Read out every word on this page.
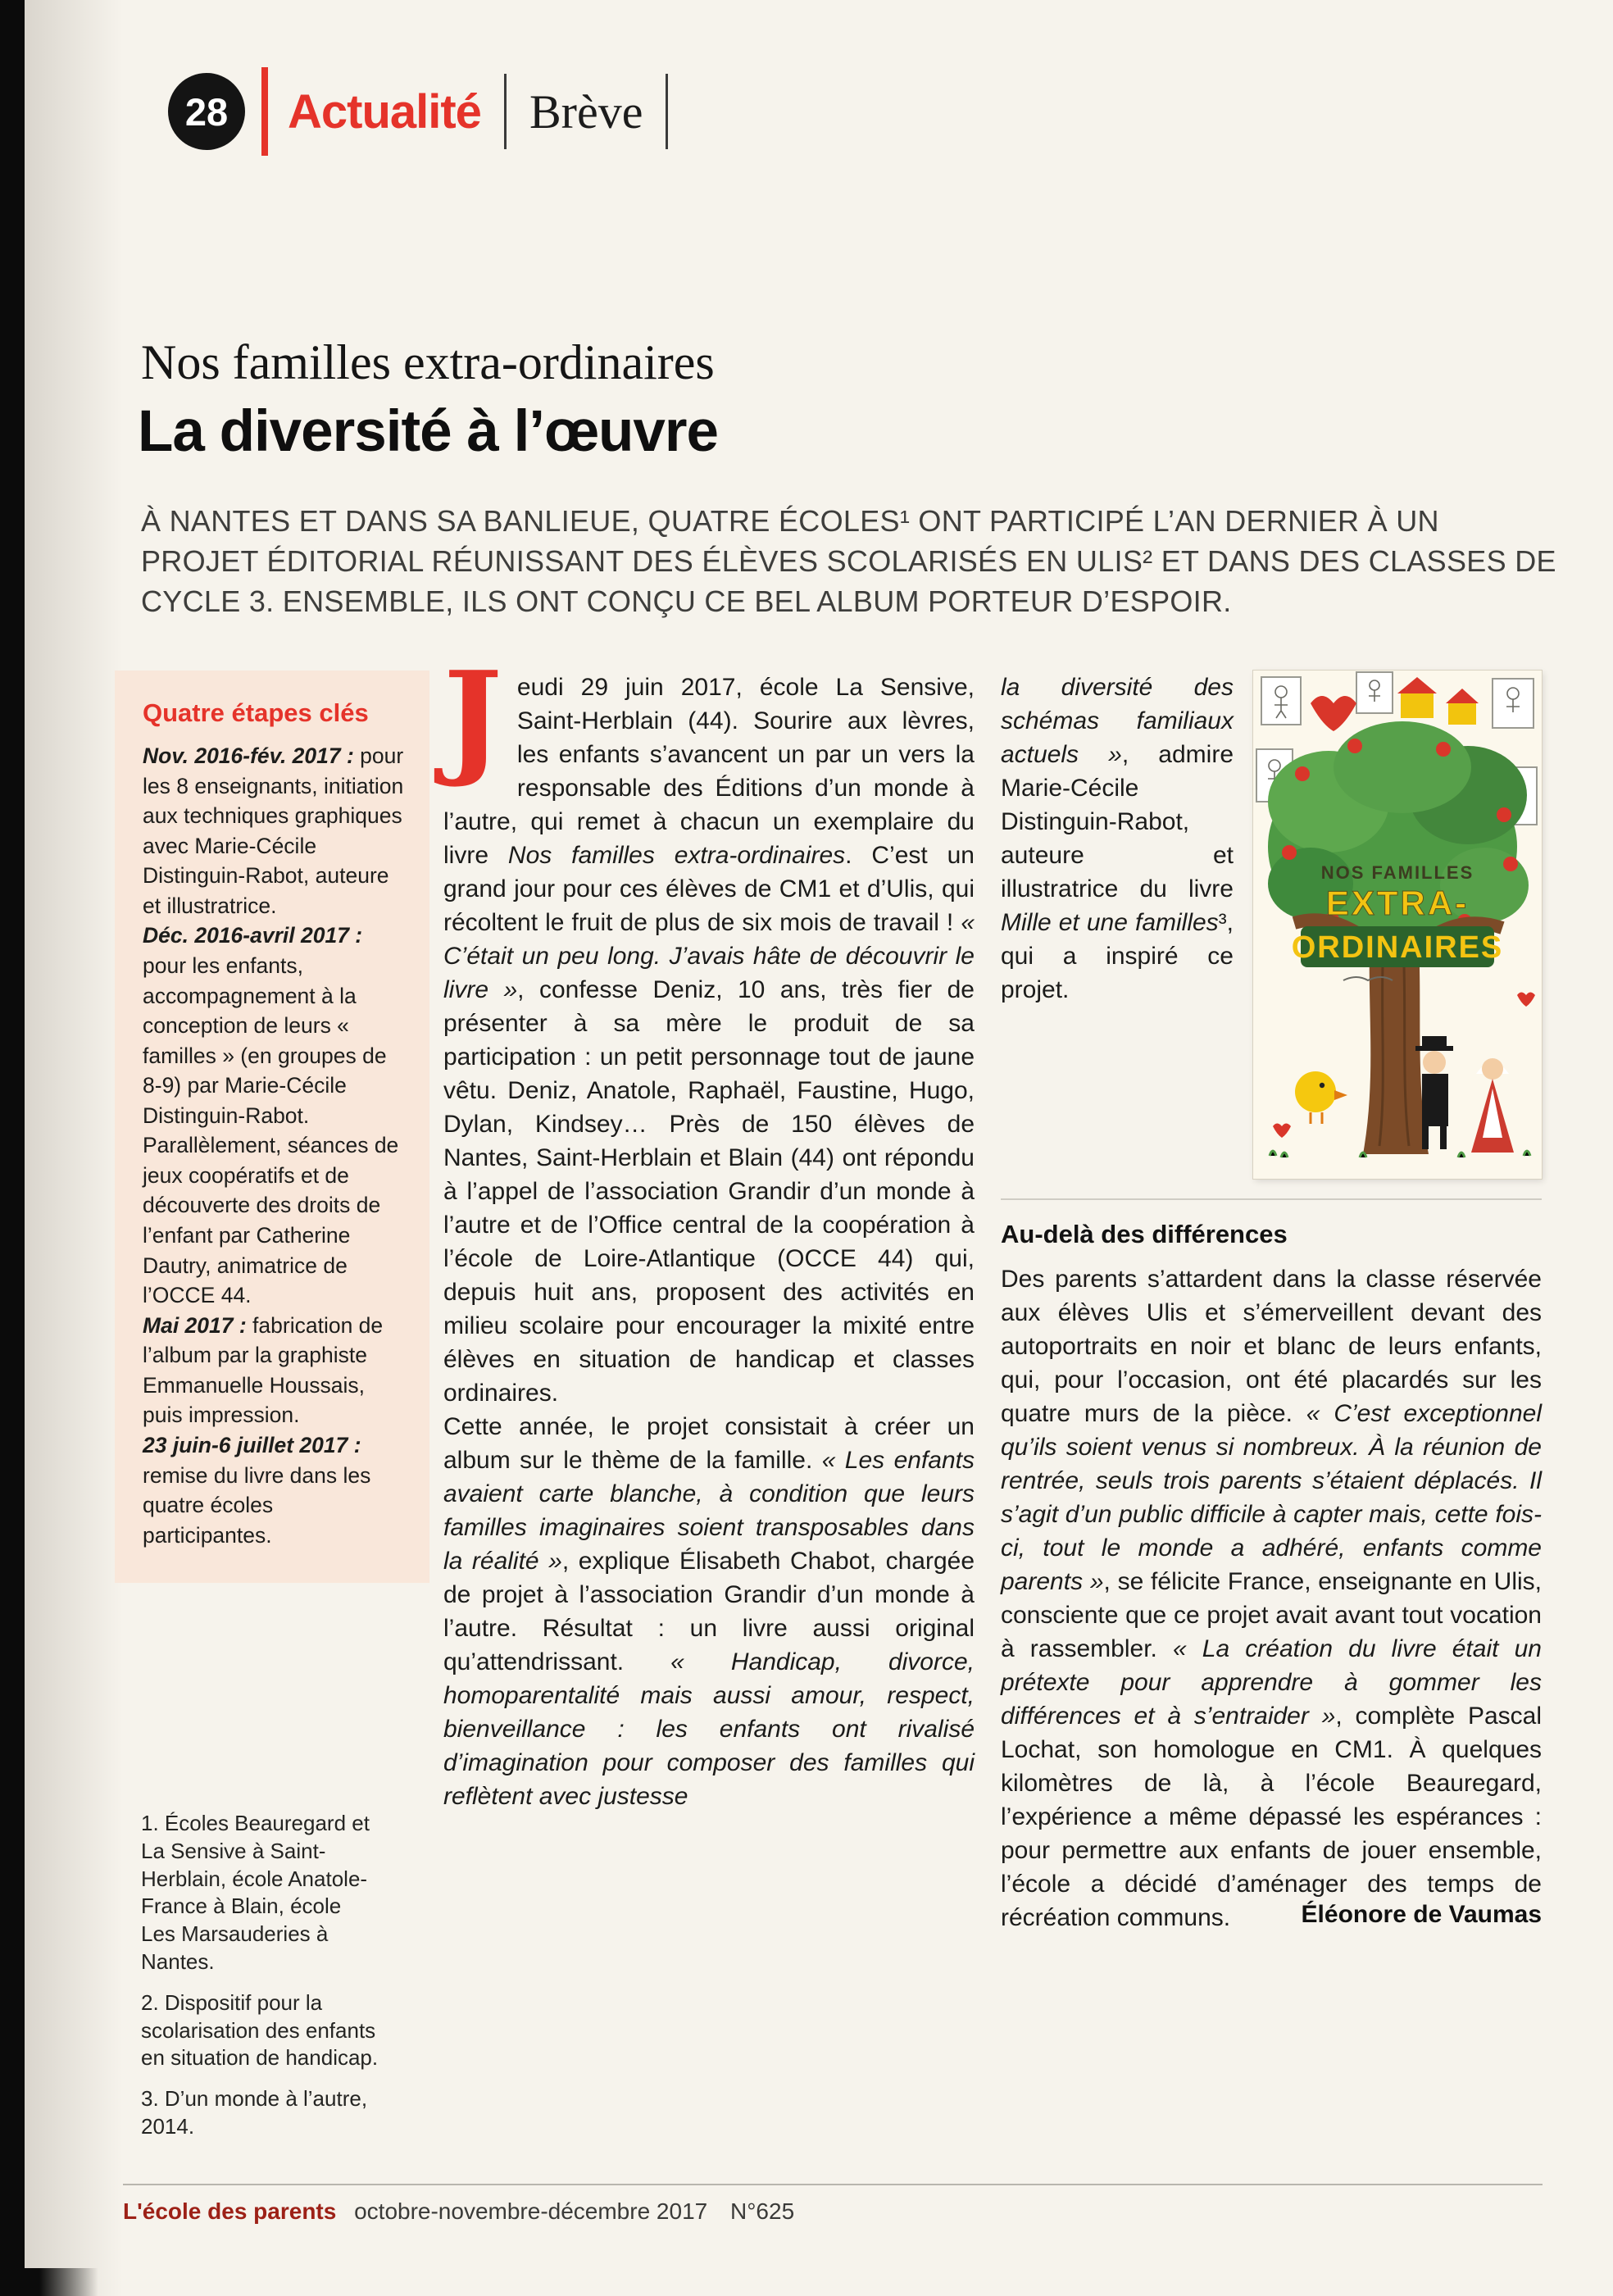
28 Actualité Brève
Nos familles extra-ordinaires
La diversité à l’œuvre

À NANTES ET DANS SA BANLIEUE, QUATRE ÉCOLES¹ ONT PARTICIPÉ L’AN DERNIER À UN PROJET ÉDITORIAL RÉUNISSANT DES ÉLÈVES SCOLARISÉS EN ULIS² ET DANS DES CLASSES DE CYCLE 3. ENSEMBLE, ILS ONT CONÇU CE BEL ALBUM PORTEUR D’ESPOIR.

Quatre étapes clés

Nov. 2016-fév. 2017 : pour les 8 enseignants, initiation aux techniques graphiques avec Marie-Cécile Distinguin-Rabot, auteure et illustratrice.

Déc. 2016-avril 2017 : pour les enfants, accompagnement à la conception de leurs « familles » (en groupes de 8-9) par Marie-Cécile Distinguin-Rabot. Parallèlement, séances de jeux coopératifs et de découverte des droits de l’enfant par Catherine Dautry, animatrice de l’OCCE 44.

Mai 2017 : fabrication de l’album par la graphiste Emmanuelle Houssais, puis impression.

23 juin-6 juillet 2017 : remise du livre dans les quatre écoles participantes.

1. Écoles Beauregard et La Sensive à Saint-Herblain, école Anatole-France à Blain, école Les Marsauderies à Nantes.

2. Dispositif pour la scolarisation des enfants en situation de handicap.

3. D’un monde à l’autre, 2014.

Jeudi 29 juin 2017, école La Sensive, Saint-Herblain (44). Sourire aux lèvres, les enfants s’avancent un par un vers la responsable des Éditions d’un monde à l’autre, qui remet à chacun un exemplaire du livre Nos familles extra-ordinaires. C’est un grand jour pour ces élèves de CM1 et d’Ulis, qui récoltent le fruit de plus de six mois de travail ! « C’était un peu long. J’avais hâte de découvrir le livre », confesse Deniz, 10 ans, très fier de présenter à sa mère le produit de sa participation : un petit personnage tout de jaune vêtu. Deniz, Anatole, Raphaël, Faustine, Hugo, Dylan, Kindsey… Près de 150 élèves de Nantes, Saint-Herblain et Blain (44) ont répondu à l’appel de l’association Grandir d’un monde à l’autre et de l’Office central de la coopération à l’école de Loire-Atlantique (OCCE 44) qui, depuis huit ans, proposent des activités en milieu scolaire pour encourager la mixité entre élèves en situation de handicap et classes ordinaires.

Cette année, le projet consistait à créer un album sur le thème de la famille. « Les enfants avaient carte blanche, à condition que leurs familles imaginaires soient transposables dans la réalité », explique Élisabeth Chabot, chargée de projet à l’association Grandir d’un monde à l’autre. Résultat : un livre aussi original qu’attendrissant. « Handicap, divorce, homoparentalité mais aussi amour, respect, bienveillance : les enfants ont rivalisé d’imagination pour composer des familles qui reflètent avec justesse

NOS FAMILLES
EXTRA-
ORDINAIRES

la diversité des schémas familiaux actuels », admire Marie-Cécile Distinguin-Rabot, auteure et illustratrice du livre Mille et une familles³, qui a inspiré ce projet.

Au-delà des différences

Des parents s’attardent dans la classe réservée aux élèves Ulis et s’émerveillent devant des autoportraits en noir et blanc de leurs enfants, qui, pour l’occasion, ont été placardés sur les quatre murs de la pièce. « C’est exceptionnel qu’ils soient venus si nombreux. À la réunion de rentrée, seuls trois parents s’étaient déplacés. Il s’agit d’un public difficile à capter mais, cette fois-ci, tout le monde a adhéré, enfants comme parents », se félicite France, enseignante en Ulis, consciente que ce projet avait avant tout vocation à rassembler. « La création du livre était un prétexte pour apprendre à gommer les différences et à s’entraider », complète Pascal Lochat, son homologue en CM1. À quelques kilomètres de là, à l’école Beauregard, l’expérience a même dépassé les espérances : pour permettre aux enfants de jouer ensemble, l’école a décidé d’aménager des temps de récréation communs.	Éléonore de Vaumas

L'école des parents octobre-novembre-décembre 2017 N°625
